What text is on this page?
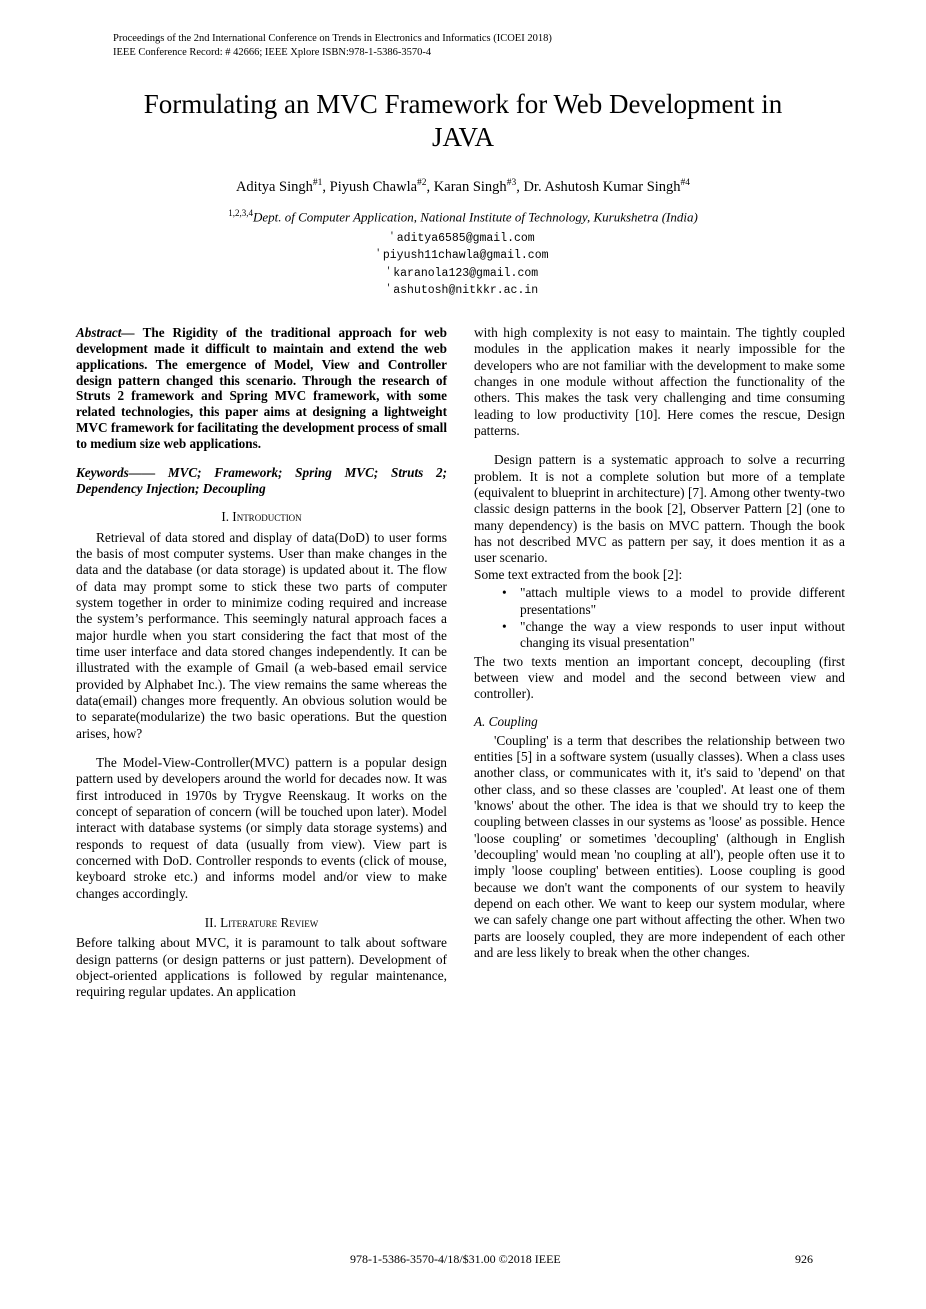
Proceedings of the 2nd International Conference on Trends in Electronics and Informatics (ICOEI 2018)
IEEE Conference Record: # 42666; IEEE Xplore ISBN:978-1-5386-3570-4
Formulating an MVC Framework for Web Development in JAVA
Aditya Singh$^{\#1}$, Piyush Chawla$^{\#2}$, Karan Singh$^{\#3}$, Dr. Ashutosh Kumar Singh$^{\#4}$
$^{1,2,3,4}$Dept. of Computer Application, National Institute of Technology, Kurukshetra (India)
' aditya6585@gmail.com
' piyush11chawla@gmail.com
' karanola123@gmail.com
' ashutosh@nitkkr.ac.in

Abstract— The Rigidity of the traditional approach for web development made it difficult to maintain and extend the web applications. The emergence of Model, View and Controller design pattern changed this scenario. Through the research of Struts 2 framework and Spring MVC framework, with some related technologies, this paper aims at designing a lightweight MVC framework for facilitating the development process of small to medium size web applications.

Keywords—— MVC; Framework; Spring MVC; Struts 2; Dependency Injection; Decoupling

I. Introduction

Retrieval of data stored and display of data(DoD) to user forms the basis of most computer systems. User than make changes in the data and the database (or data storage) is updated about it. The flow of data may prompt some to stick these two parts of computer system together in order to minimize coding required and increase the system’s performance. This seemingly natural approach faces a major hurdle when you start considering the fact that most of the time user interface and data stored changes independently. It can be illustrated with the example of Gmail (a web-based email service provided by Alphabet Inc.). The view remains the same whereas the data(email) changes more frequently. An obvious solution would be to separate(modularize) the two basic operations. But the question arises, how?

The Model-View-Controller(MVC) pattern is a popular design pattern used by developers around the world for decades now. It was first introduced in 1970s by Trygve Reenskaug. It works on the concept of separation of concern (will be touched upon later). Model interact with database systems (or simply data storage systems) and responds to request of data (usually from view). View part is concerned with DoD. Controller responds to events (click of mouse, keyboard stroke etc.) and informs model and/or view to make changes accordingly.

II. Literature Review

Before talking about MVC, it is paramount to talk about software design patterns (or design patterns or just pattern). Development of object-oriented applications is followed by regular maintenance, requiring regular updates. An application

with high complexity is not easy to maintain. The tightly coupled modules in the application makes it nearly impossible for the developers who are not familiar with the development to make some changes in one module without affection the functionality of the others. This makes the task very challenging and time consuming leading to low productivity [10]. Here comes the rescue, Design patterns.

Design pattern is a systematic approach to solve a recurring problem. It is not a complete solution but more of a template (equivalent to blueprint in architecture) [7]. Among other twenty-two classic design patterns in the book [2], Observer Pattern [2] (one to many dependency) is the basis on MVC pattern. Though the book has not described MVC as pattern per say, it does mention it as a user scenario.

Some text extracted from the book [2]:

• "attach multiple views to a model to provide different presentations"
• "change the way a view responds to user input without changing its visual presentation"

The two texts mention an important concept, decoupling (first between view and model and the second between view and controller).

A. Coupling

'Coupling' is a term that describes the relationship between two entities [5] in a software system (usually classes). When a class uses another class, or communicates with it, it's said to 'depend' on that other class, and so these classes are 'coupled'. At least one of them 'knows' about the other. The idea is that we should try to keep the coupling between classes in our systems as 'loose' as possible. Hence 'loose coupling' or sometimes 'decoupling' (although in English 'decoupling' would mean 'no coupling at all'), people often use it to imply 'loose coupling' between entities). Loose coupling is good because we don't want the components of our system to heavily depend on each other. We want to keep our system modular, where we can safely change one part without affecting the other. When two parts are loosely coupled, they are more independent of each other and are less likely to break when the other changes.

978-1-5386-3570-4/18/$31.00 ©2018 IEEE	926
